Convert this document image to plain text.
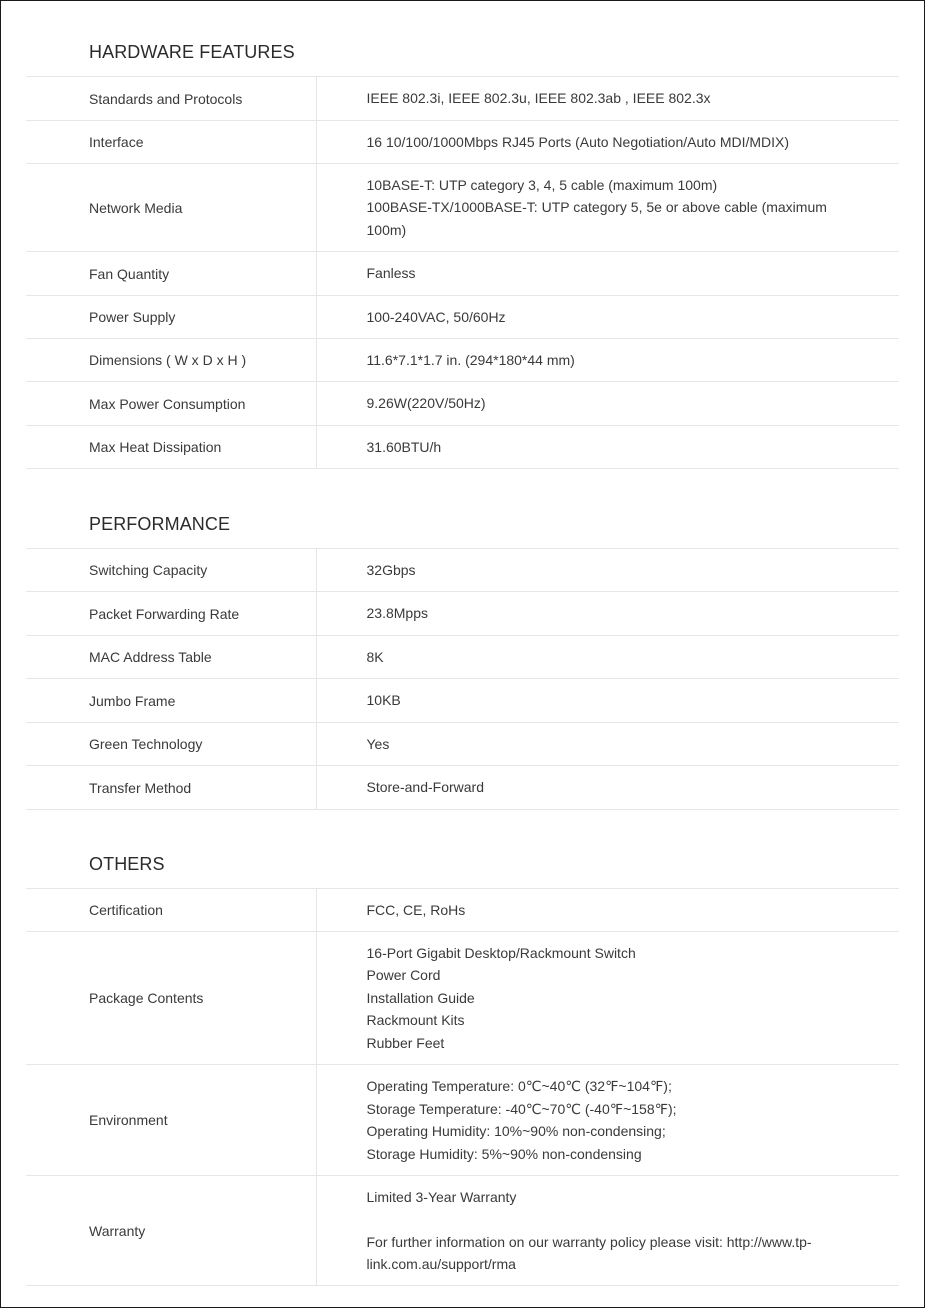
HARDWARE FEATURES
Standards and Protocols	IEEE 802.3i, IEEE 802.3u, IEEE 802.3ab , IEEE 802.3x

Interface	16 10/100/1000Mbps RJ45 Ports (Auto Negotiation/Auto MDI/MDIX)

Network Media	10BASE-T: UTP category 3, 4, 5 cable (maximum 100m)
100BASE-TX/1000BASE-T: UTP category 5, 5e or above cable (maximum 100m)

Fan Quantity	Fanless

Power Supply	100-240VAC, 50/60Hz

Dimensions ( W x D x H )	11.6*7.1*1.7 in. (294*180*44 mm)

Max Power Consumption	9.26W(220V/50Hz)

Max Heat Dissipation	31.60BTU/h
PERFORMANCE
Switching Capacity	32Gbps

Packet Forwarding Rate	23.8Mpps

MAC Address Table	8K

Jumbo Frame	10KB

Green Technology	Yes

Transfer Method	Store-and-Forward
OTHERS
Certification	FCC, CE, RoHs

Package Contents	16-Port Gigabit Desktop/Rackmount Switch
Power Cord
Installation Guide
Rackmount Kits
Rubber Feet

Environment	Operating Temperature: 0℃~40℃ (32℉~104℉);
Storage Temperature: -40℃~70℃ (-40℉~158℉);
Operating Humidity: 10%~90% non-condensing;
Storage Humidity: 5%~90% non-condensing

Warranty	Limited 3-Year Warranty
For further information on our warranty policy please visit: http://www.tp-link.com.au/support/rma
